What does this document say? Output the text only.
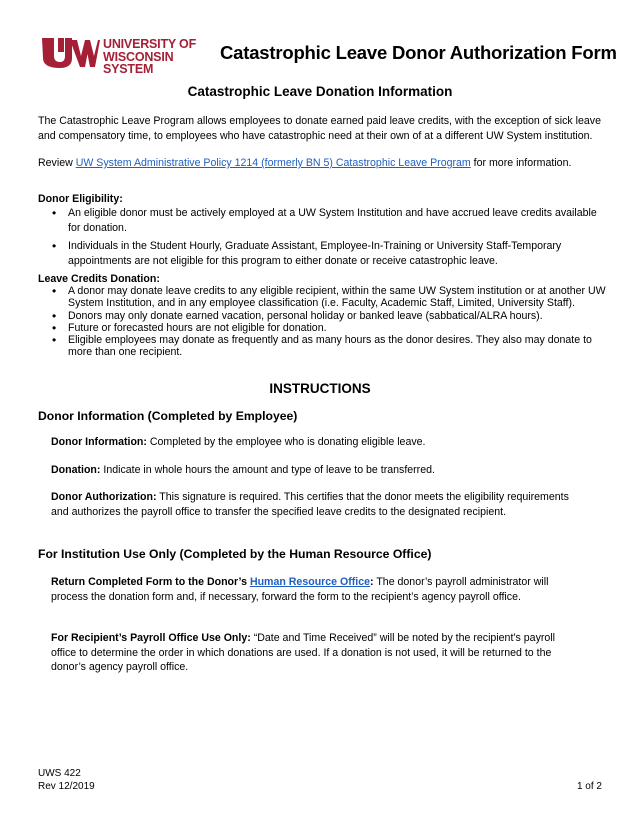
UNIVERSITY OF
WISCONSIN SYSTEM
Catastrophic Leave Donor Authorization Form
Catastrophic Leave Donation Information
The Catastrophic Leave Program allows employees to donate earned paid leave credits, with the exception of sick leave and compensatory time, to employees who have catastrophic need at their own of at a different UW System institution.
Review UW System Administrative Policy 1214 (formerly BN 5) Catastrophic Leave Program for more information.
Donor Eligibility:
• An eligible donor must be actively employed at a UW System Institution and have accrued leave credits available for donation.
• Individuals in the Student Hourly, Graduate Assistant, Employee-In-Training or University Staff-Temporary appointments are not eligible for this program to either donate or receive catastrophic leave.
Leave Credits Donation:
• A donor may donate leave credits to any eligible recipient, within the same UW System institution or at another UW System Institution, and in any employee classification (i.e. Faculty, Academic Staff, Limited, University Staff).
• Donors may only donate earned vacation, personal holiday or banked leave (sabbatical/ALRA hours).
• Future or forecasted hours are not eligible for donation.
• Eligible employees may donate as frequently and as many hours as the donor desires. They also may donate to more than one recipient.
INSTRUCTIONS
Donor Information (Completed by Employee)
Donor Information: Completed by the employee who is donating eligible leave.
Donation: Indicate in whole hours the amount and type of leave to be transferred.
Donor Authorization: This signature is required. This certifies that the donor meets the eligibility requirements and authorizes the payroll office to transfer the specified leave credits to the designated recipient.
For Institution Use Only (Completed by the Human Resource Office)
Return Completed Form to the Donor’s Human Resource Office: The donor’s payroll administrator will process the donation form and, if necessary, forward the form to the recipient’s agency payroll office.
For Recipient’s Payroll Office Use Only: “Date and Time Received” will be noted by the recipient’s payroll office to determine the order in which donations are used. If a donation is not used, it will be returned to the donor’s agency payroll office.
UWS 422
Rev 12/2019	1 of 2
